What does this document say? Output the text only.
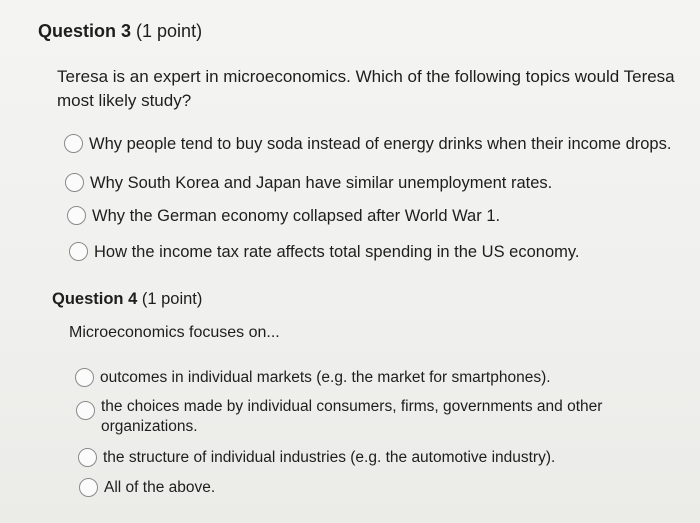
Question 3 (1 point)
Teresa is an expert in microeconomics. Which of the following topics would Teresa most likely study?
Why people tend to buy soda instead of energy drinks when their income drops.
Why South Korea and Japan have similar unemployment rates.
Why the German economy collapsed after World War 1.
How the income tax rate affects total spending in the US economy.
Question 4 (1 point)
Microeconomics focuses on...
outcomes in individual markets (e.g. the market for smartphones).
the choices made by individual consumers, firms, governments and other organizations.
the structure of individual industries (e.g. the automotive industry).
All of the above.
